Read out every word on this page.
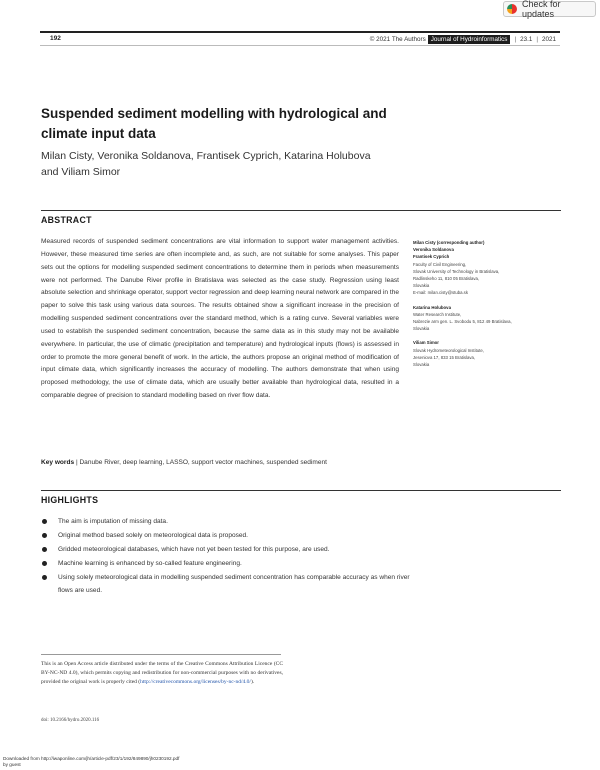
Check for updates
192	© 2021 The Authors Journal of Hydroinformatics	| 23.1 | 2021
Suspended sediment modelling with hydrological and climate input data
Milan Cisty, Veronika Soldanova, Frantisek Cyprich, Katarina Holubova
and Viliam Simor
ABSTRACT
Measured records of suspended sediment concentrations are vital information to support water management activities. However, these measured time series are often incomplete and, as such, are not suitable for some analyses. This paper sets out the options for modelling suspended sediment concentrations to determine them in periods when measurements were not performed. The Danube River profile in Bratislava was selected as the case study. Regression using least absolute selection and shrinkage operator, support vector regression and deep learning neural network are compared in the paper to solve this task using various data sources. The results obtained show a significant increase in the precision of modelling suspended sediment concentrations over the standard method, which is a rating curve. Several variables were used to establish the suspended sediment concentration, because the same data as in this study may not be available everywhere. In particular, the use of climatic (precipitation and temperature) and hydrological inputs (flows) is assessed in order to promote the more general benefit of work. In the article, the authors propose an original method of modification of input climate data, which significantly increases the accuracy of modelling. The authors demonstrate that when using proposed methodology, the use of climate data, which are usually better available than hydrological data, resulted in a comparable degree of precision to standard modelling based on river flow data.
Key words | Danube River, deep learning, LASSO, support vector machines, suspended sediment
Milan Cisty (corresponding author)
Veronika Soldanova
Frantisek Cyprich
Faculty of Civil Engineering,
Slovak University of Technology in Bratislava,
Radlinskeho 11, 810 05 Bratislava,
Slovakia
E-mail: milan.cisty@stuba.sk
Katarina Holubova
Water Research Institute,
Nabrezie arm gen. L. Svobodu 5, 812 49 Bratislava,
Slovakia
Viliam Simor
Slovak Hydrometeorological Institute,
Jeseniova 17, 833 15 Bratislava,
Slovakia
HIGHLIGHTS
The aim is imputation of missing data.
Original method based solely on meteorological data is proposed.
Gridded meteorological databases, which have not yet been tested for this purpose, are used.
Machine learning is enhanced by so-called feature engineering.
Using solely meteorological data in modelling suspended sediment concentration has comparable accuracy as when river flows are used.
This is an Open Access article distributed under the terms of the Creative Commons Attribution Licence (CC BY-NC-ND 4.0), which permits copying and redistribution for non-commercial purposes with no derivatives, provided the original work is properly cited (http://creativecommons.org/licenses/by-nc-nd/4.0/).
doi: 10.2166/hydro.2020.116
Downloaded from http://iwaponline.com/jh/article-pdf/23/1/192/849890/jh0230192.pdf
by guest
